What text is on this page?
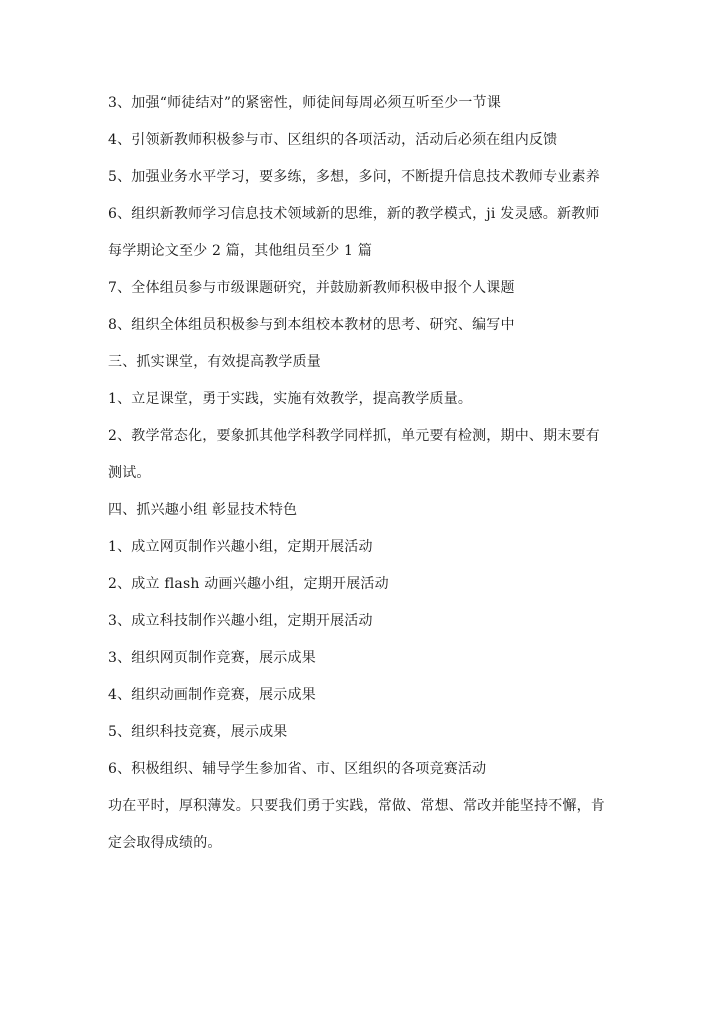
3、加强“师徒结对”的紧密性，师徒间每周必须互听至少一节课

4、引领新教师积极参与市、区组织的各项活动，活动后必须在组内反馈

5、加强业务水平学习，要多练，多想，多问，不断提升信息技术教师专业素养

6、组织新教师学习信息技术领域新的思维，新的教学模式，ji 发灵感。新教师

每学期论文至少 2 篇，其他组员至少 1 篇

7、全体组员参与市级课题研究，并鼓励新教师积极申报个人课题

8、组织全体组员积极参与到本组校本教材的思考、研究、编写中

三、抓实课堂，有效提高教学质量

1、立足课堂，勇于实践，实施有效教学，提高教学质量。

2、教学常态化，要象抓其他学科教学同样抓，单元要有检测，期中、期末要有

测试。

四、抓兴趣小组 彰显技术特色

1、成立网页制作兴趣小组，定期开展活动

2、成立 flash 动画兴趣小组，定期开展活动

3、成立科技制作兴趣小组，定期开展活动

3、组织网页制作竞赛，展示成果

4、组织动画制作竞赛，展示成果

5、组织科技竞赛，展示成果

6、积极组织、辅导学生参加省、市、区组织的各项竞赛活动

功在平时，厚积薄发。只要我们勇于实践，常做、常想、常改并能坚持不懈，肯

定会取得成绩的。
